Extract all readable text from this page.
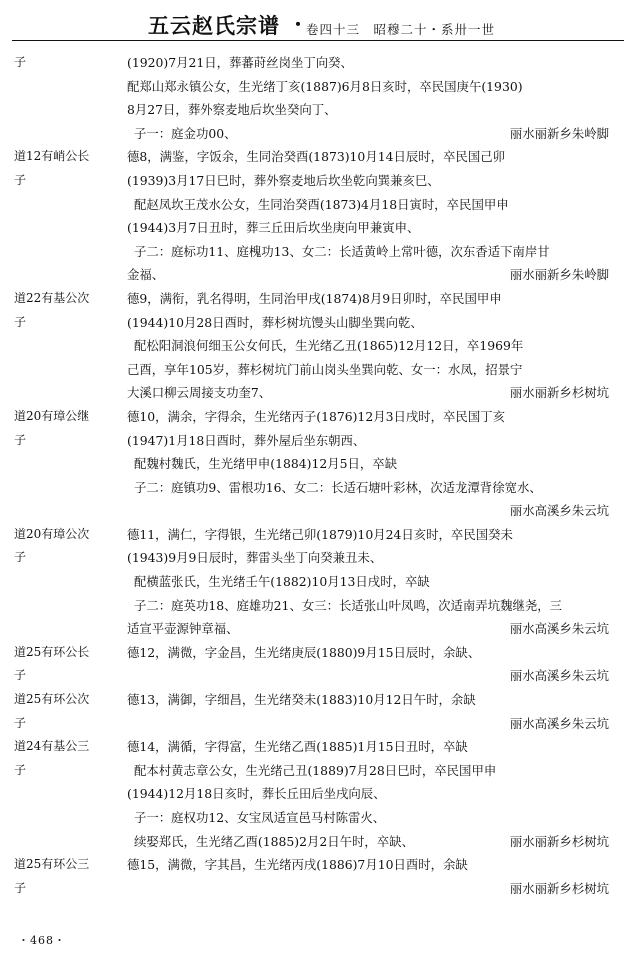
五云赵氏宗谱 ・ 卷四十三　昭穆二十・系卅一世
子	(1920)7月21日，葬蕃莳丝岗坐丁向癸、
配郑山郑永镇公女，生光绪丁亥(1887)6月8日亥时，卒民国庚午(1930)
8月27日，葬外察麦地后坎坐癸向丁、
丽水丽新乡朱岭脚
子一：庭金功00、
道12有峭公长
子
德8，满鉴，字饭余，生同治癸酉(1873)10月14日辰时，卒民国己卯
(1939)3月17日巳时，葬外察麦地后坎坐乾向巽兼亥巳、
配赵凤坎王茂水公女，生同治癸酉(1873)4月18日寅时，卒民国甲申
(1944)3月7日丑时，葬三丘田后坎坐庚向甲兼寅申、
子二：庭标功11、庭槐功13、女二：长适黄岭上常叶德，次东香适下南岸甘
丽水丽新乡朱岭脚
金福、
道22有基公次
子
德9，满衔，乳名得明，生同治甲戌(1874)8月9日卯时，卒民国甲申
(1944)10月28日酉时，葬杉树坑馒头山脚坐巽向乾、
配松阳洞浪何细玉公女何氏，生光绪乙丑(1865)12月12日，卒1969年
己酉，享年105岁，葬杉树坑门前山岗头坐巽向乾、女一：水凤，招景宁
丽水丽新乡杉树坑
大溪口柳云周接支功奎7、
道20有璋公继
子
德10，满余，字得余，生光绪丙子(1876)12月3日戌时，卒民国丁亥
(1947)1月18日酉时，葬外屋后坐东朝西、
配魏村魏氏，生光绪甲申(1884)12月5日，卒缺
子二：庭镇功9、雷根功16、女二：长适石塘叶彩林，次适龙潭背徐宽水、
丽水高溪乡朱云坑
道20有璋公次
子
德11，满仁，字得银，生光绪己卯(1879)10月24日亥时，卒民国癸未
(1943)9月9日辰时，葬雷头坐丁向癸兼丑未、
配横蓝张氏，生光绪壬午(1882)10月13日戌时，卒缺
子二：庭英功18、庭雄功21、女三：长适张山叶凤鸣，次适南弄坑魏继尧，三
丽水高溪乡朱云坑
适宣平壶源钟章福、
道25有环公长
子
德12，满微，字金昌，生光绪庚辰(1880)9月15日辰时，余缺、
丽水高溪乡朱云坑
道25有环公次
子
德13，满御，字细昌，生光绪癸未(1883)10月12日午时，余缺
丽水高溪乡朱云坑
道24有基公三
子
德14，满循，字得富，生光绪乙酉(1885)1月15日丑时，卒缺
配本村黄志章公女，生光绪己丑(1889)7月28日巳时，卒民国甲申
(1944)12月18日亥时，葬长丘田后坐戌向辰、
子一：庭权功12、女宝凤适宣邑马村陈雷火、
丽水丽新乡杉树坑
续娶郑氏，生光绪乙酉(1885)2月2日午时，卒缺、
道25有环公三
子
德15，满微，字其昌，生光绪丙戌(1886)7月10日酉时，余缺
丽水丽新乡杉树坑
・468・
